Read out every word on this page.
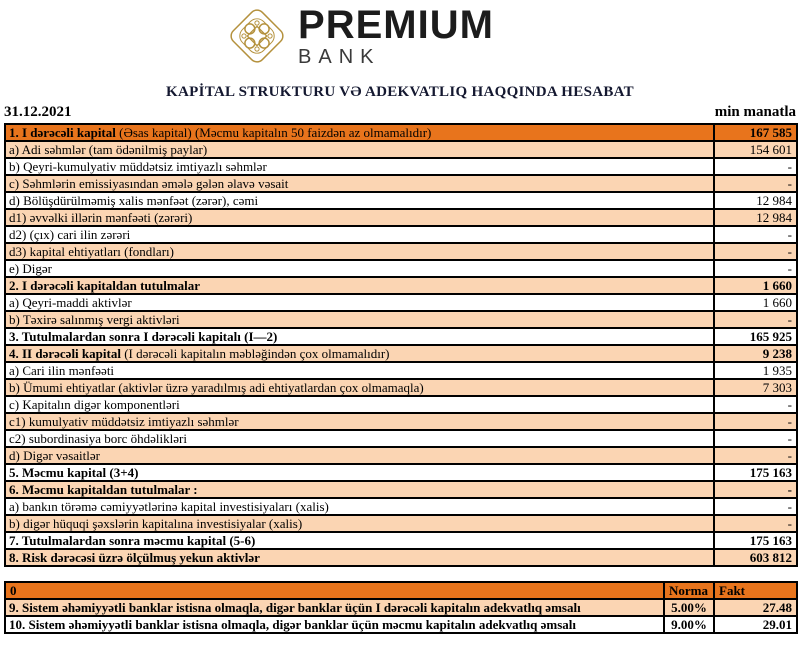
PREMIUM
BANK
KAPİTAL STRUKTURU VƏ ADEKVATLIQ HAQQINDA HESABAT
31.12.2021	min manatla
1. I dərəcəli kapital (Əsas kapital) (Məcmu kapitalın 50 faizdən az olmamalıdır)	167 585
a) Adi səhmlər (tam ödənilmiş paylar)	154 601
b) Qeyri-kumulyativ müddətsiz imtiyazlı səhmlər	-
c) Səhmlərin emissiyasından əmələ gələn əlavə vəsait	-
d) Bölüşdürülməmiş xalis mənfəət (zərər), cəmi	12 984
d1) əvvəlki illərin mənfəəti (zərəri)	12 984
d2) (çıx) cari ilin zərəri	-
d3) kapital ehtiyatları (fondları)	-
e) Digər	-
2. I dərəcəli kapitaldan tutulmalar	1 660
a) Qeyri-maddi aktivlər	1 660
b) Təxirə salınmış vergi aktivləri	-
3. Tutulmalardan sonra I dərəcəli kapitalı (I—2)	165 925
4. II dərəcəli kapital (I dərəcəli kapitalın məbləğindən çox olmamalıdır)	9 238
a) Cari ilin mənfəəti	1 935
b) Ümumi ehtiyatlar (aktivlər üzrə yaradılmış adi ehtiyatlardan çox olmamaqla)	7 303
c) Kapitalın digər komponentləri	-
c1) kumulyativ müddətsiz imtiyazlı səhmlər	-
c2) subordinasiya borc öhdəlikləri	-
d) Digər vəsaitlər	-
5. Məcmu kapital (3+4)	175 163
6. Məcmu kapitaldan tutulmalar :	-
a) bankın törəmə cəmiyyətlərinə kapital investisiyaları (xalis)	-
b) digər hüquqi şəxslərin kapitalına investisiyalar (xalis)	-
7. Tutulmalardan sonra məcmu kapital (5-6)	175 163
8. Risk dərəcəsi üzrə ölçülmuş yekun aktivlər	603 812
0	Norma	Fakt
9. Sistem əhəmiyyətli banklar istisna olmaqla, digər banklar üçün I dərəcəli kapitalın adekvatlıq əmsalı	5.00%	27.48
10. Sistem əhəmiyyətli banklar istisna olmaqla, digər banklar üçün məcmu kapitalın adekvatlıq əmsalı	9.00%	29.01
